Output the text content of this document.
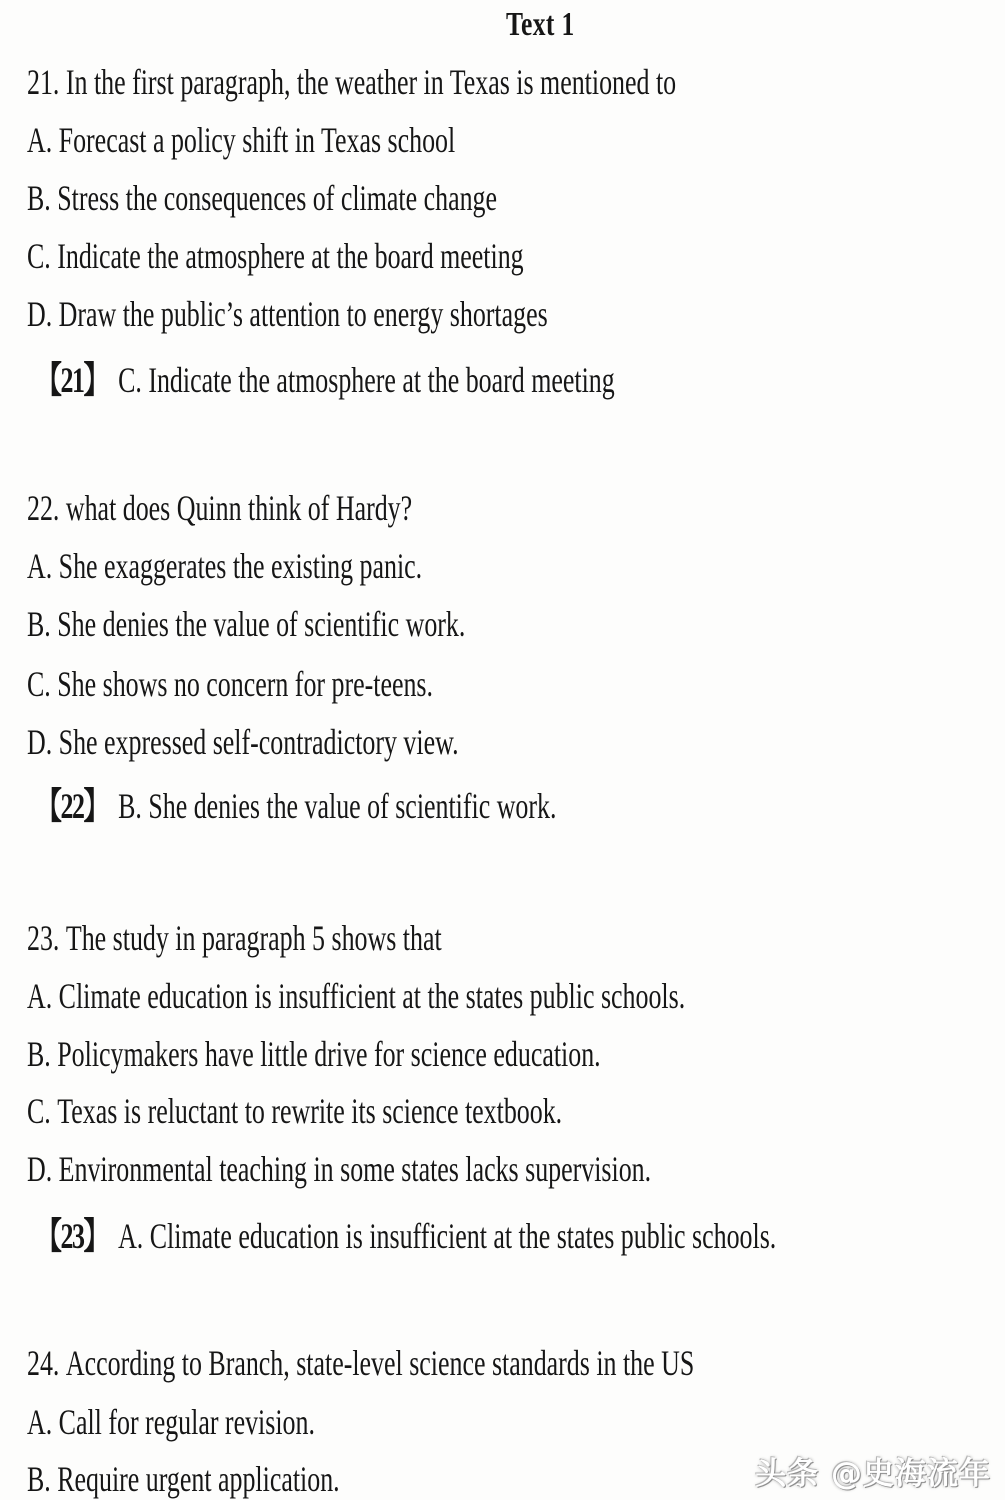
Text 1
21. In the first paragraph, the weather in Texas is mentioned to
A. Forecast a policy shift in Texas school
B. Stress the consequences of climate change
C. Indicate the atmosphere at the board meeting
D. Draw the public’s attention to energy shortages
【21】 C. Indicate the atmosphere at the board meeting
22. what does Quinn think of Hardy?
A. She exaggerates the existing panic.
B. She denies the value of scientific work.
C. She shows no concern for pre-teens.
D. She expressed self-contradictory view.
【22】 B. She denies the value of scientific work.
23. The study in paragraph 5 shows that
A. Climate education is insufficient at the states public schools.
B. Policymakers have little drive for science education.
C. Texas is reluctant to rewrite its science textbook.
D. Environmental teaching in some states lacks supervision.
【23】 A. Climate education is insufficient at the states public schools.
24. According to Branch, state-level science standards in the US
A. Call for regular revision.
B. Require urgent application.	头条 @史海流年
